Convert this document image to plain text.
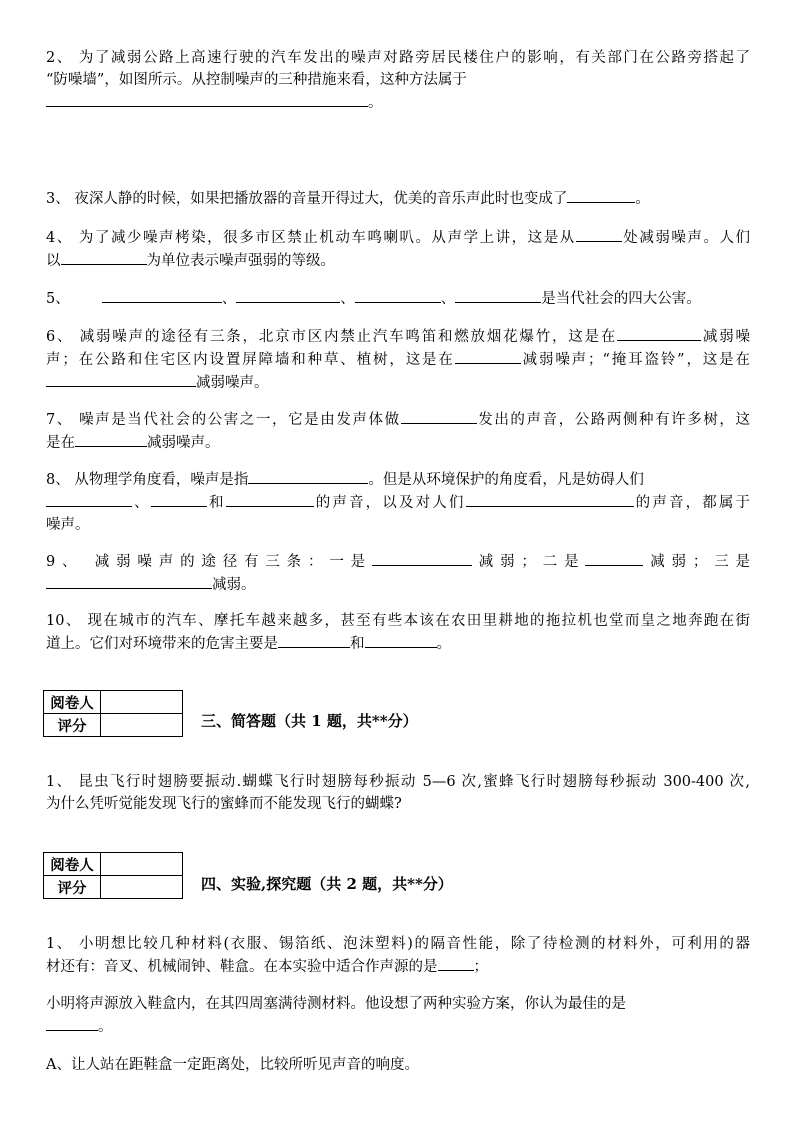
2、 为了减弱公路上高速行驶的汽车发出的噪声对路旁居民楼住户的影响，有关部门在公路旁搭起了

“防噪墙”，如图所示。从控制噪声的三种措施来看，这种方法属于

。

3、 夜深人静的时候，如果把播放器的音量开得过大，优美的音乐声此时也变成了	。

4、 为了减少噪声栲染，很多市区禁止机动车鸣喇叭。从声学上讲，这是从	处减弱噪声。人们

以	为单位表示噪声强弱的等级。

5、	、	、	、	是当代社会的四大公害。

6、 减弱噪声的途径有三条，北京市区内禁止汽车鸣笛和燃放烟花爆竹，这是在	减弱噪

声；在公路和住宅区内设置屏障墙和种草、植树，这是在	减弱噪声；“掩耳盗铃”，这是在

减弱噪声。

7、 噪声是当代社会的公害之一，它是由发声体做	发出的声音，公路两侧种有许多树，这

是在	减弱噪声。

8、 从物理学角度看，噪声是指	。但是从环境保护的角度看，凡是妨碍人们

、	和	的声音，以及对人们	的声音，都属于

噪声。

9、 减弱噪声的途径有三条：一是	减弱；二是	减弱；三是

减弱。

10、 现在城市的汽车、摩托车越来越多，甚至有些本该在农田里耕地的拖拉机也堂而皇之地奔跑在街

道上。它们对环境带来的危害主要是	和	。

阅卷人	
评分		三、简答题（共 1 题，共**分）

1、 昆虫飞行时翅膀要振动.蝴蝶飞行时翅膀每秒振动 5—6 次,蜜蜂飞行时翅膀每秒振动 300-400 次,

为什么凭听觉能发现飞行的蜜蜂而不能发现飞行的蝴蝶?

阅卷人	
评分		四、实验,探究题（共 2 题，共**分）

1、 小明想比较几种材料(衣服、锡箔纸、泡沫塑料)的隔音性能，除了待检测的材料外，可利用的器

材还有：音叉、机械闹钟、鞋盒。在本实验中适合作声源的是 ；

小明将声源放入鞋盒内，在其四周塞满待测材料。他设想了两种实验方案，你认为最佳的是

。

A、让人站在距鞋盒一定距离处，比较所听见声音的响度。
